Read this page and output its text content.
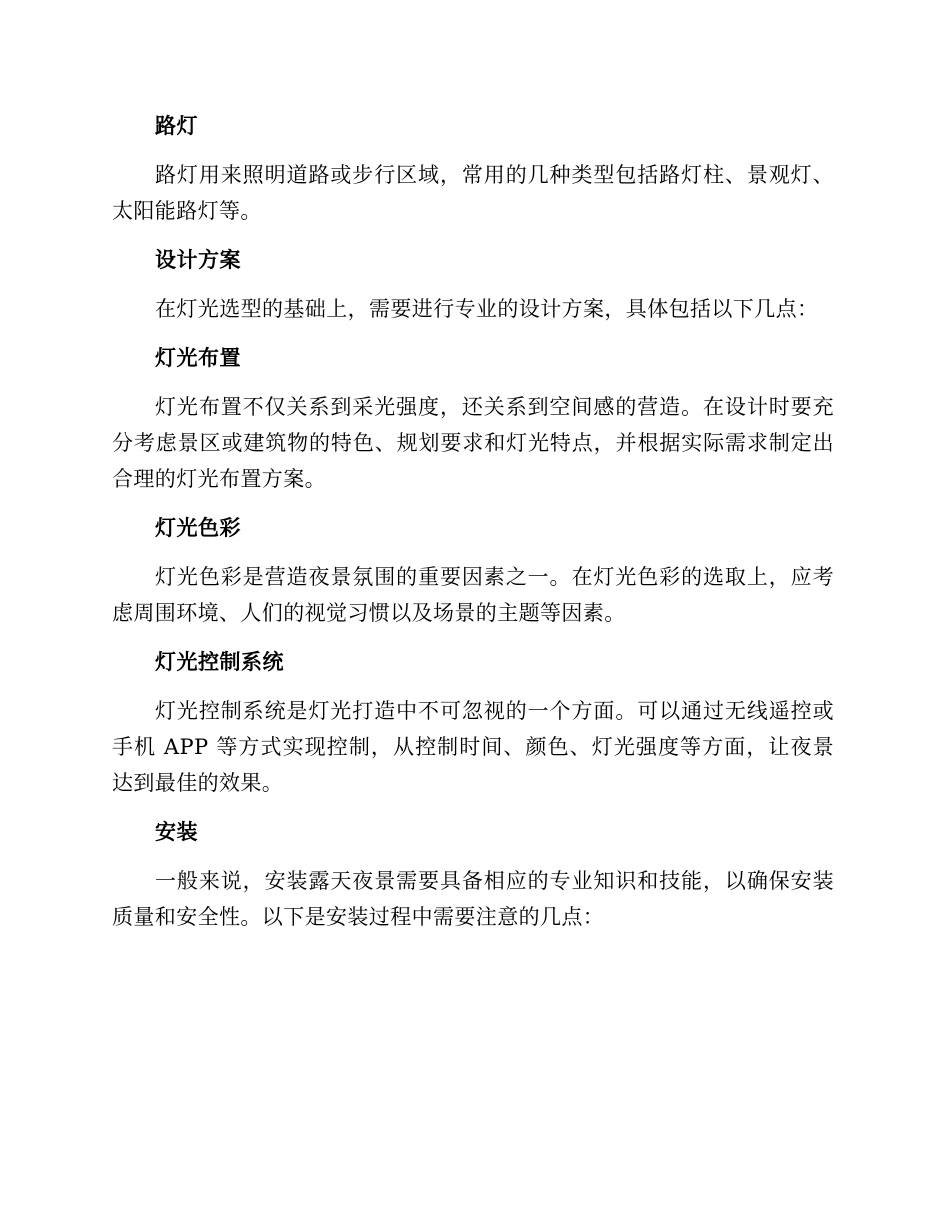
路灯

路灯用来照明道路或步行区域，常用的几种类型包括路灯柱、景观灯、太阳能路灯等。

设计方案

在灯光选型的基础上，需要进行专业的设计方案，具体包括以下几点：

灯光布置

灯光布置不仅关系到采光强度，还关系到空间感的营造。在设计时要充分考虑景区或建筑物的特色、规划要求和灯光特点，并根据实际需求制定出合理的灯光布置方案。

灯光色彩

灯光色彩是营造夜景氛围的重要因素之一。在灯光色彩的选取上，应考虑周围环境、人们的视觉习惯以及场景的主题等因素。

灯光控制系统

灯光控制系统是灯光打造中不可忽视的一个方面。可以通过无线遥控或手机 APP 等方式实现控制，从控制时间、颜色、灯光强度等方面，让夜景达到最佳的效果。

安装

一般来说，安装露天夜景需要具备相应的专业知识和技能，以确保安装质量和安全性。以下是安装过程中需要注意的几点：
